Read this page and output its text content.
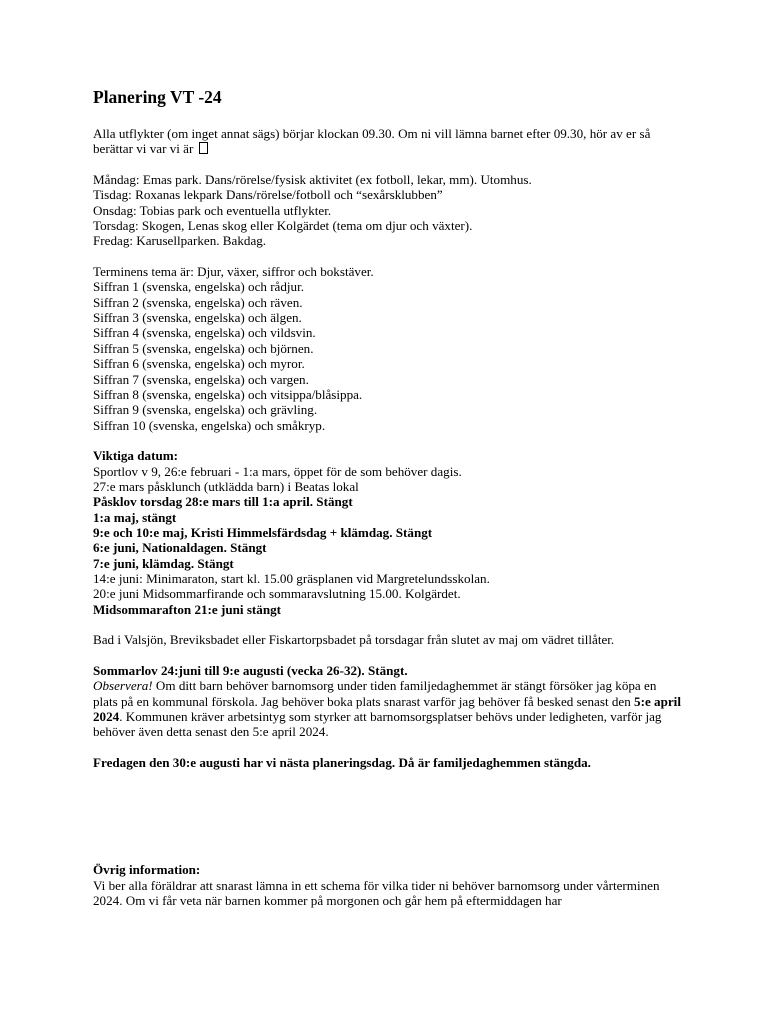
Planering VT -24

Alla utflykter (om inget annat sägs) börjar klockan 09.30. Om ni vill lämna barnet efter 09.30, hör av er så berättar vi var vi är

Måndag: Emas park. Dans/rörelse/fysisk aktivitet (ex fotboll, lekar, mm). Utomhus.

Tisdag: Roxanas lekpark Dans/rörelse/fotboll och “sexårsklubben”

Onsdag: Tobias park och eventuella utflykter.

Torsdag: Skogen, Lenas skog eller Kolgärdet (tema om djur och växter).

Fredag: Karusellparken. Bakdag.

Terminens tema är: Djur, växer, siffror och bokstäver.

Siffran 1 (svenska, engelska) och rådjur.

Siffran 2 (svenska, engelska) och räven.

Siffran 3 (svenska, engelska) och älgen.

Siffran 4 (svenska, engelska) och vildsvin.

Siffran 5 (svenska, engelska) och björnen.

Siffran 6 (svenska, engelska) och myror.

Siffran 7 (svenska, engelska) och vargen.

Siffran 8 (svenska, engelska) och vitsippa/blåsippa.

Siffran 9 (svenska, engelska) och grävling.

Siffran 10 (svenska, engelska) och småkryp.

Viktiga datum:

Sportlov v 9, 26:e februari - 1:a mars, öppet för de som behöver dagis.

27:e mars påsklunch (utklädda barn) i Beatas lokal

Påsklov torsdag 28:e mars till 1:a april. Stängt

1:a maj, stängt

9:e och 10:e maj, Kristi Himmelsfärdsdag + klämdag. Stängt

6:e juni, Nationaldagen. Stängt

7:e juni, klämdag. Stängt

14:e juni: Minimaraton, start kl. 15.00 gräsplanen vid Margretelundsskolan.

20:e juni Midsommarfirande och sommaravslutning 15.00. Kolgärdet.

Midsommarafton 21:e juni stängt

Bad i Valsjön, Breviksbadet eller Fiskartorpsbadet på torsdagar från slutet av maj om vädret tillåter.

Sommarlov 24:juni till 9:e augusti (vecka 26-32). Stängt.

Observera! Om ditt barn behöver barnomsorg under tiden familjedaghemmet är stängt försöker jag köpa en plats på en kommunal förskola. Jag behöver boka plats snarast varför jag behöver få besked senast den 5:e april 2024. Kommunen kräver arbetsintyg som styrker att barnomsorgsplatser behövs under ledigheten, varför jag behöver även detta senast den 5:e april 2024.

Fredagen den 30:e augusti har vi nästa planeringsdag. Då är familjedaghemmen stängda.

Övrig information:

Vi ber alla föräldrar att snarast lämna in ett schema för vilka tider ni behöver barnomsorg under vårterminen 2024. Om vi får veta när barnen kommer på morgonen och går hem på eftermiddagen har
